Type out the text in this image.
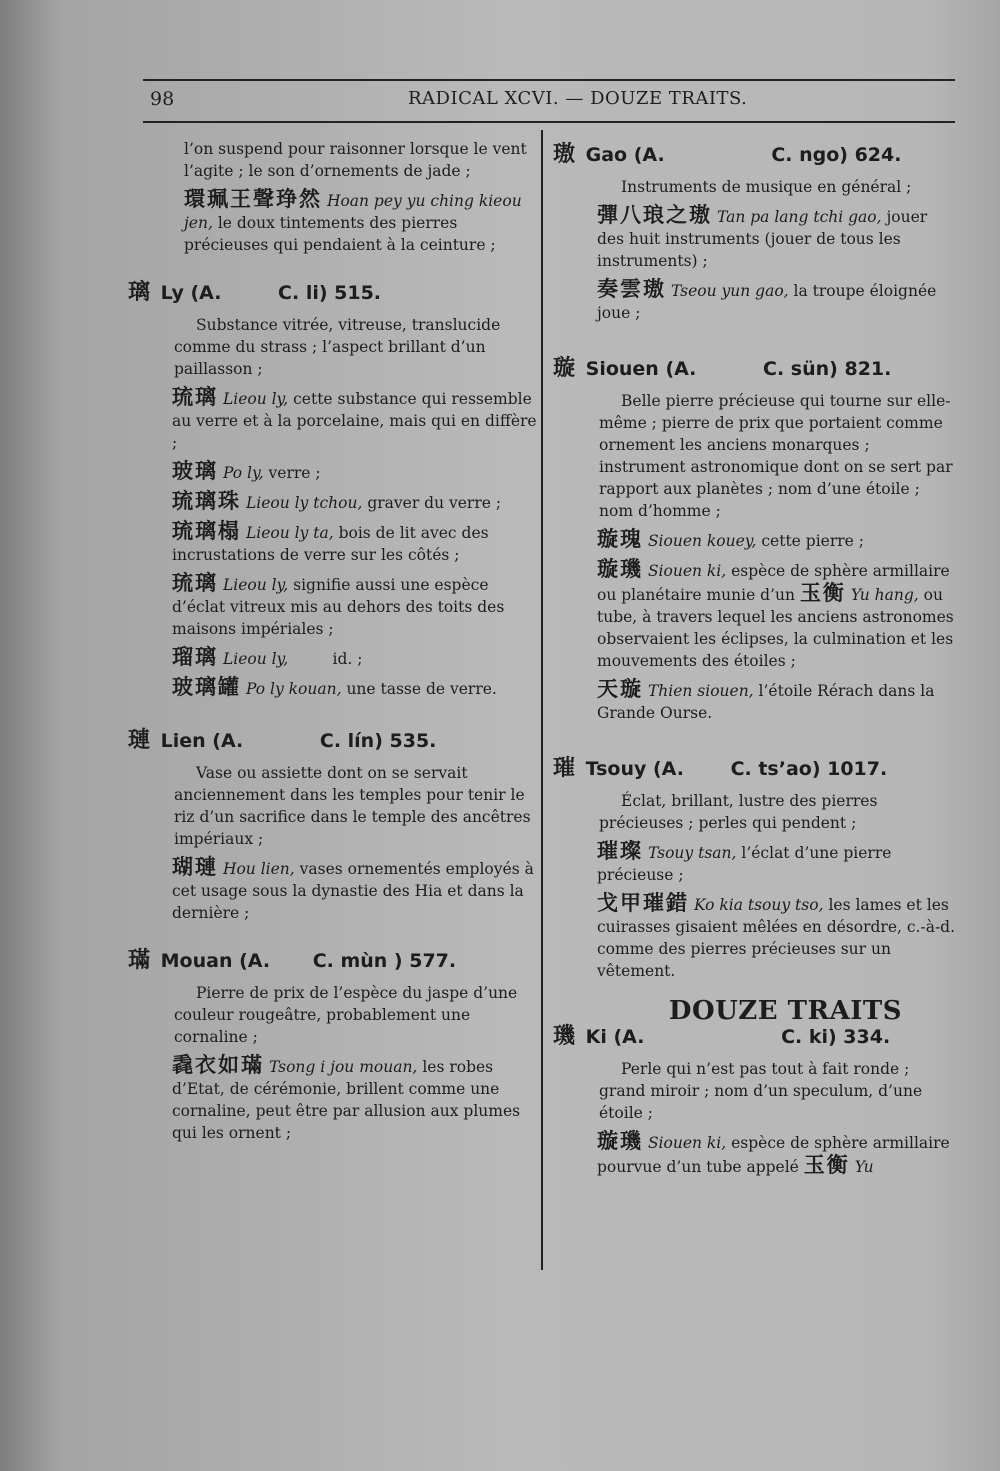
98	RADICAL XCVI. — DOUZE TRAITS.

l’on suspend pour raisonner lorsque le vent l’agite ; le son d’ornements de jade ;

環珮王聲琤然 Hoan pey yu ching kieou jen, le doux tintements des pierres précieuses qui pendaient à la ceinture ;

璃 Ly (A.	C. li) 515.

Substance vitrée, vitreuse, translucide comme du strass ; l’aspect brillant d’un paillasson ;

琉璃 Lieou ly, cette substance qui ressemble au verre et à la porcelaine, mais qui en diffère ;

玻璃 Po ly, verre ;

琉璃珠 Lieou ly tchou, graver du verre ;

琉璃榻 Lieou ly ta, bois de lit avec des incrustations de verre sur les côtés ;

琉璃 Lieou ly, signifie aussi une espèce d’éclat vitreux mis au dehors des toits des maisons impériales ;

瑠璃 Lieou ly,	id. ;

玻璃罐 Po ly kouan, une tasse de verre.

璉 Lien (A.	C. lín) 535.

Vase ou assiette dont on se servait anciennement dans les temples pour tenir le riz d’un sacrifice dans le temple des ancêtres impériaux ;

瑚璉 Hou lien, vases ornementés employés à cet usage sous la dynastie des Hia et dans la dernière ;

璊 Mouan (A. C. mùn ) 577.

Pierre de prix de l’espèce du jaspe d’une couleur rougeâtre, probablement une cornaline ;

毳衣如璊 Tsong i jou mouan, les robes d’Etat, de cérémonie, brillent comme une cornaline, peut être par allusion aux plumes qui les ornent ;

璈 Gao (A.	C. ngo) 624.

Instruments de musique en général ;

彈八琅之璈 Tan pa lang tchi gao, jouer des huit instruments (jouer de tous les instruments) ;

奏雲璈 Tseou yun gao, la troupe éloignée joue ;

璇 Siouen (A.	C. sün) 821.

Belle pierre précieuse qui tourne sur elle-même ; pierre de prix que portaient comme ornement les anciens monarques ; instrument astronomique dont on se sert par rapport aux planètes ; nom d’une étoile ; nom d’homme ;

璇瑰 Siouen kouey, cette pierre ;

璇璣 Siouen ki, espèce de sphère armillaire ou planétaire munie d’un 玉衡 Yu hang, ou tube, à travers lequel les anciens astronomes observaient les éclipses, la culmination et les mouvements des étoiles ;

天璇 Thien siouen, l’étoile Rérach dans la Grande Ourse.

璀 Tsouy (A. C. ts’ao) 1017.

Éclat, brillant, lustre des pierres précieuses ; perles qui pendent ;

璀璨 Tsouy tsan, l’éclat d’une pierre précieuse ;

戈甲璀錯 Ko kia tsouy tso, les lames et les cuirasses gisaient mêlées en désordre, c.-à-d. comme des pierres précieuses sur un vêtement.

DOUZE TRAITS
璣 Ki (A.	C. ki) 334.

Perle qui n’est pas tout à fait ronde ; grand miroir ; nom d’un speculum, d’une étoile ;

璇璣 Siouen ki, espèce de sphère armillaire pourvue d’un tube appelé 玉衡 Yu
